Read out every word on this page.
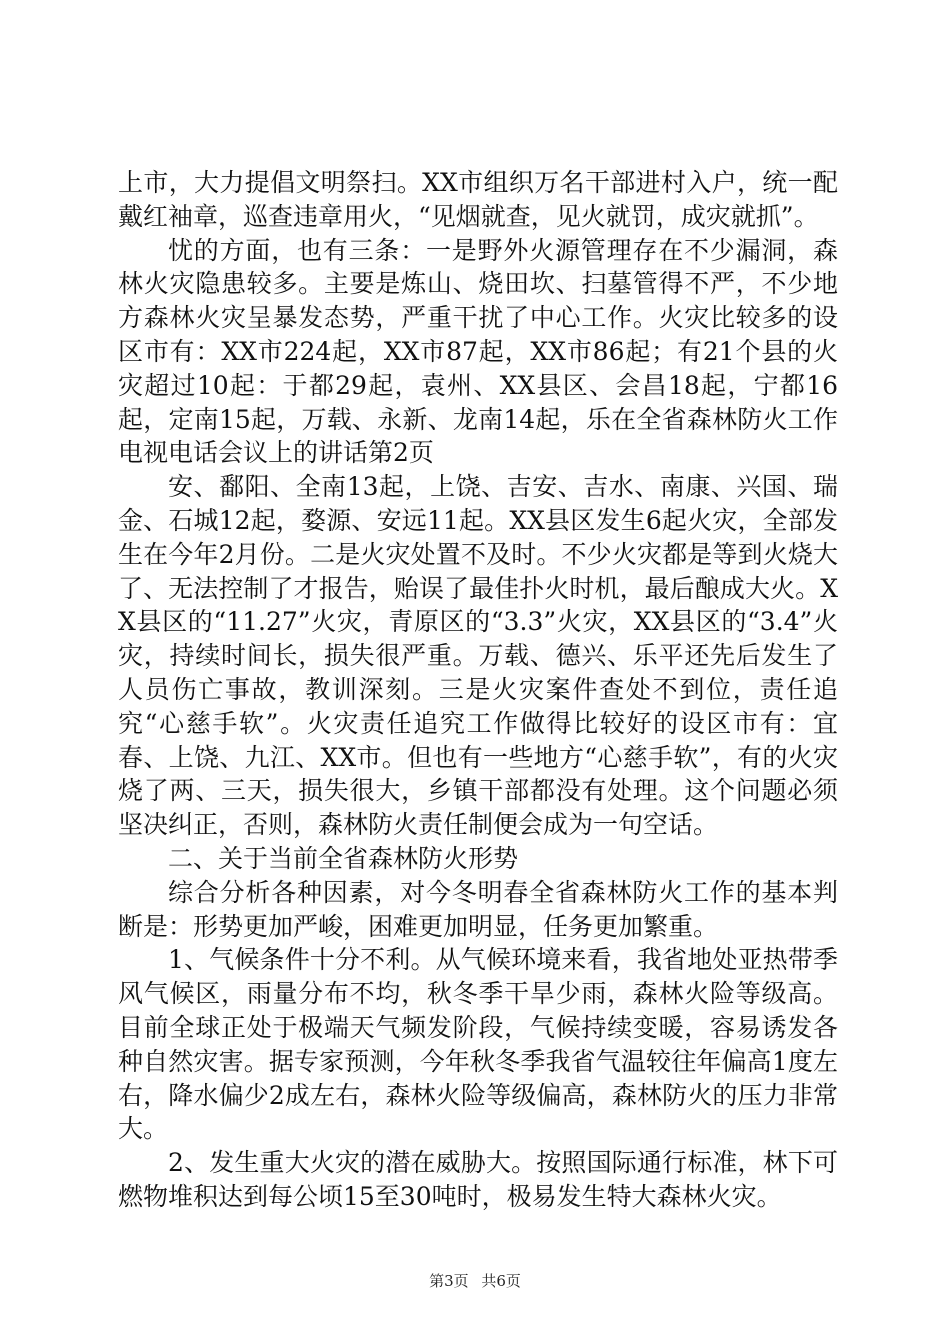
上市，大力提倡文明祭扫。XX市组织万名干部进村入户，统一配戴红袖章，巡查违章用火，“见烟就查，见火就罚，成灾就抓”。

忧的方面，也有三条：一是野外火源管理存在不少漏洞，森林火灾隐患较多。主要是炼山、烧田坎、扫墓管得不严，不少地方森林火灾呈暴发态势，严重干扰了中心工作。火灾比较多的设区市有：XX市224起，XX市87起，XX市86起；有21个县的火灾超过10起：于都29起，袁州、XX县区、会昌18起，宁都16起，定南15起，万载、永新、龙南14起，乐在全省森林防火工作电视电话会议上的讲话第2页

安、鄱阳、全南13起，上饶、吉安、吉水、南康、兴国、瑞金、石城12起，婺源、安远11起。XX县区发生6起火灾，全部发生在今年2月份。二是火灾处置不及时。不少火灾都是等到火烧大了、无法控制了才报告，贻误了最佳扑火时机，最后酿成大火。XX县区的“11.27”火灾，青原区的“3.3”火灾，XX县区的“3.4”火灾，持续时间长，损失很严重。万载、德兴、乐平还先后发生了人员伤亡事故，教训深刻。三是火灾案件查处不到位，责任追究“心慈手软”。火灾责任追究工作做得比较好的设区市有：宜春、上饶、九江、XX市。但也有一些地方“心慈手软”，有的火灾烧了两、三天，损失很大，乡镇干部都没有处理。这个问题必须坚决纠正，否则，森林防火责任制便会成为一句空话。

二、关于当前全省森林防火形势

综合分析各种因素，对今冬明春全省森林防火工作的基本判断是：形势更加严峻，困难更加明显，任务更加繁重。

1、气候条件十分不利。从气候环境来看，我省地处亚热带季风气候区，雨量分布不均，秋冬季干旱少雨，森林火险等级高。目前全球正处于极端天气频发阶段，气候持续变暖，容易诱发各种自然灾害。据专家预测，今年秋冬季我省气温较往年偏高1度左右，降水偏少2成左右，森林火险等级偏高，森林防火的压力非常大。

2、发生重大火灾的潜在威胁大。按照国际通行标准，林下可燃物堆积达到每公顷15至30吨时，极易发生特大森林火灾。

第3页 共6页
